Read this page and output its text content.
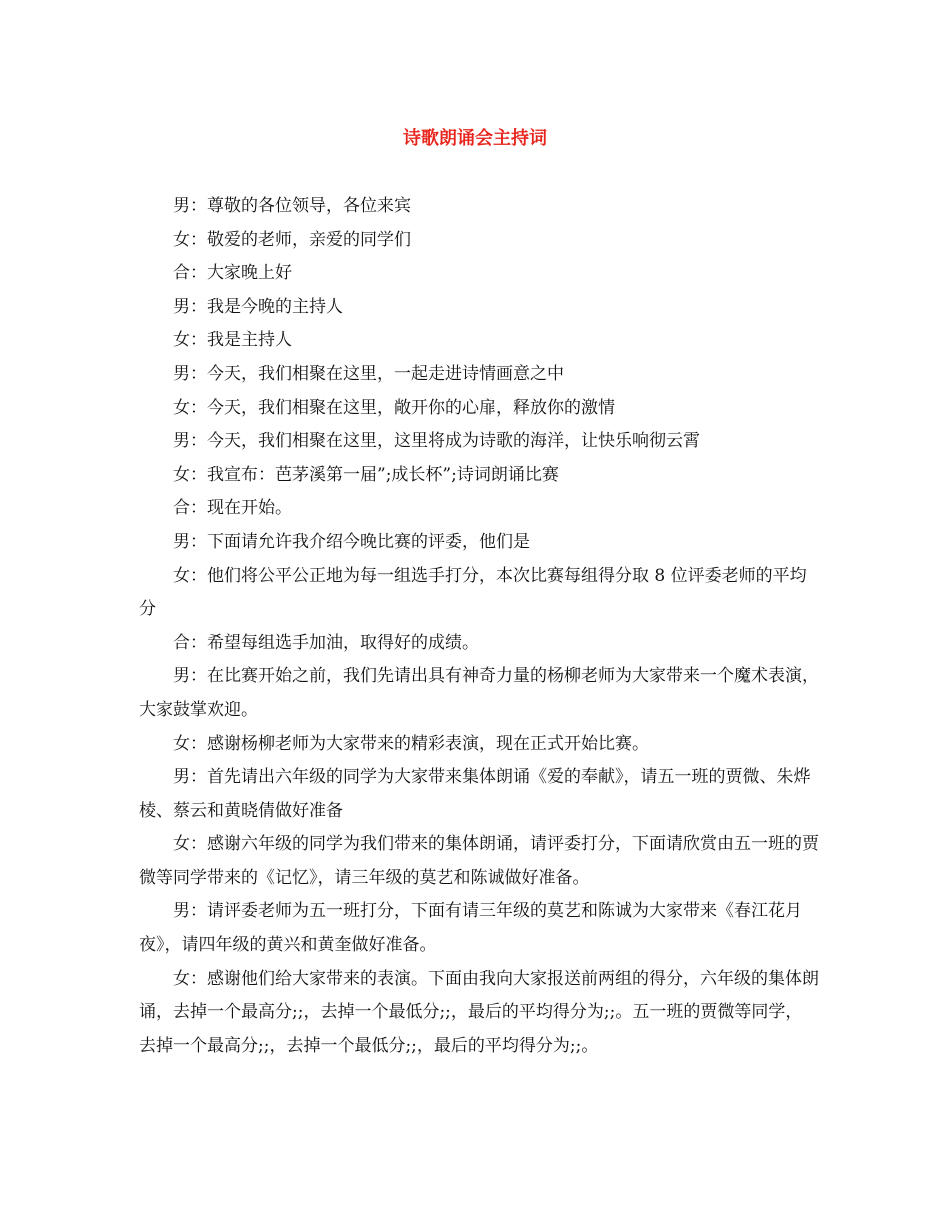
诗歌朗诵会主持词

男：尊敬的各位领导，各位来宾

女：敬爱的老师，亲爱的同学们

合：大家晚上好

男：我是今晚的主持人

女：我是主持人

男：今天，我们相聚在这里，一起走进诗情画意之中

女：今天，我们相聚在这里，敞开你的心扉，释放你的激情

男：今天，我们相聚在这里，这里将成为诗歌的海洋，让快乐响彻云霄

女：我宣布：芭茅溪第一届”;成长杯”;诗词朗诵比赛

合：现在开始。

男：下面请允许我介绍今晚比赛的评委，他们是

女：他们将公平公正地为每一组选手打分，本次比赛每组得分取 8 位评委老师的平均分

合：希望每组选手加油，取得好的成绩。

男：在比赛开始之前，我们先请出具有神奇力量的杨柳老师为大家带来一个魔术表演，大家鼓掌欢迎。

女：感谢杨柳老师为大家带来的精彩表演，现在正式开始比赛。

男：首先请出六年级的同学为大家带来集体朗诵《爱的奉献》，请五一班的贾微、朱烨棱、蔡云和黄晓倩做好准备

女：感谢六年级的同学为我们带来的集体朗诵，请评委打分，下面请欣赏由五一班的贾微等同学带来的《记忆》，请三年级的莫艺和陈诚做好准备。

男：请评委老师为五一班打分，下面有请三年级的莫艺和陈诚为大家带来《春江花月夜》，请四年级的黄兴和黄奎做好准备。

女：感谢他们给大家带来的表演。下面由我向大家报送前两组的得分，六年级的集体朗诵，去掉一个最高分;;，去掉一个最低分;;，最后的平均得分为;;。五一班的贾微等同学，去掉一个最高分;;，去掉一个最低分;;，最后的平均得分为;;。
